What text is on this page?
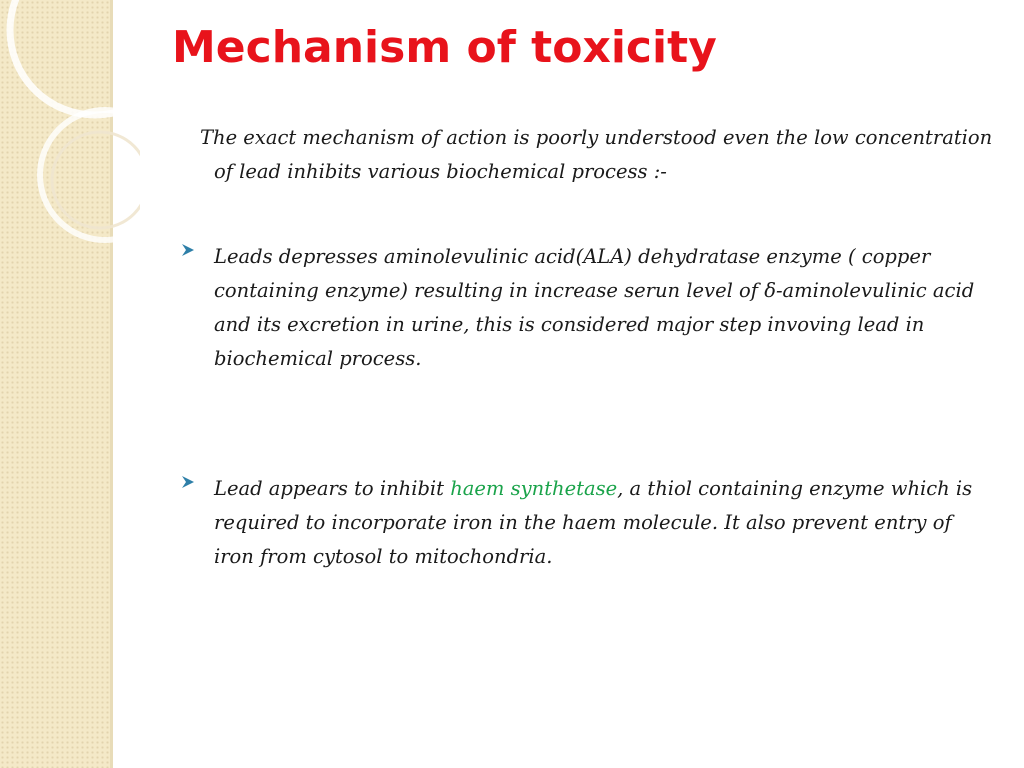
Mechanism of toxicity

The exact mechanism of action is poorly understood even the low concentration
of lead inhibits various biochemical process :-

Leads depresses aminolevulinic acid(ALA) dehydratase enzyme ( copper containing enzyme) resulting in increase serun level of δ-aminolevulinic acid and its excretion in urine, this is considered major step invoving lead in biochemical process.

Lead appears to inhibit haem synthetase, a thiol containing enzyme which is required to incorporate iron in the haem molecule. It also prevent entry of iron from cytosol to mitochondria.
